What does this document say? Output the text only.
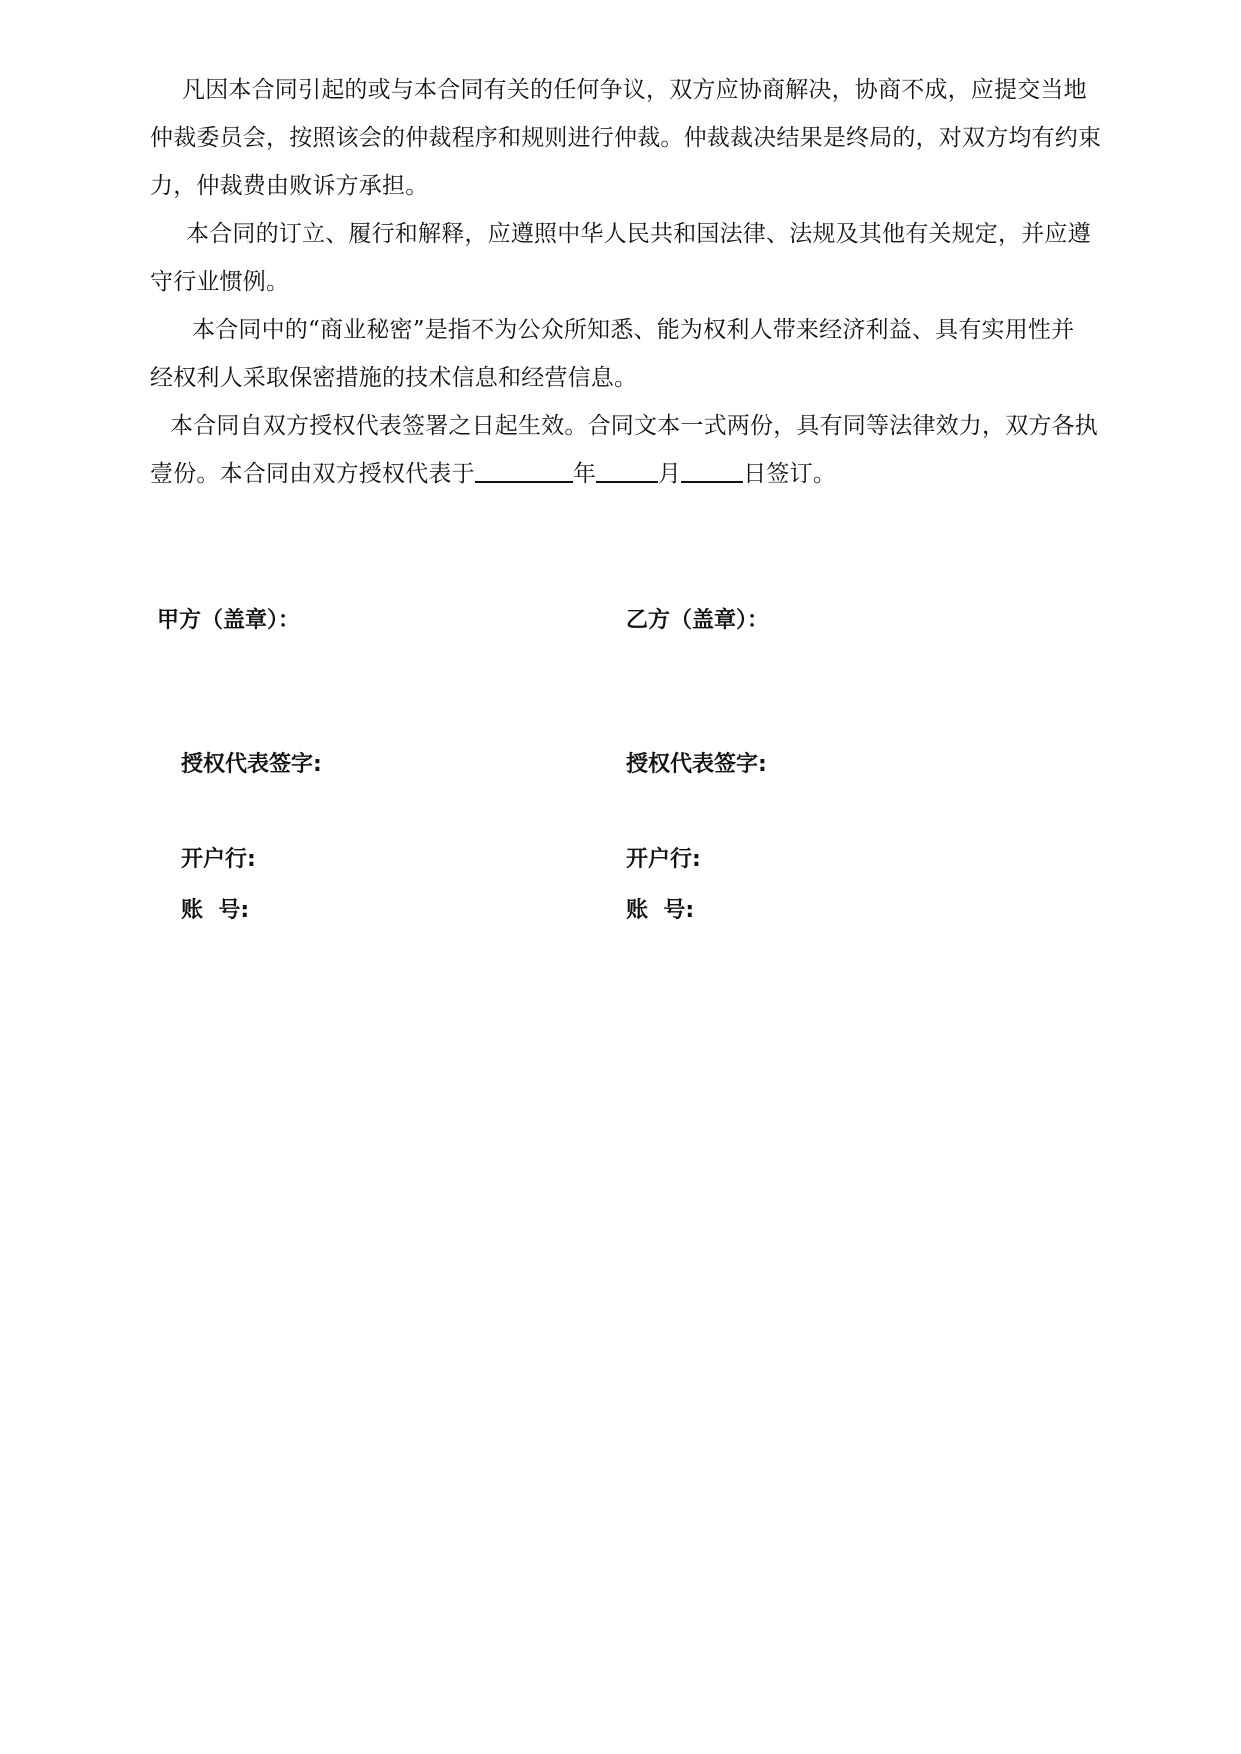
凡因本合同引起的或与本合同有关的任何争议，双方应协商解决，协商不成，应提交当地
仲裁委员会，按照该会的仲裁程序和规则进行仲裁。仲裁裁决结果是终局的，对双方均有约束
力，仲裁费由败诉方承担。
本合同的订立、履行和解释，应遵照中华人民共和国法律、法规及其他有关规定，并应遵
守行业惯例。
本合同中的“商业秘密”是指不为公众所知悉、能为权利人带来经济利益、具有实用性并
经权利人采取保密措施的技术信息和经营信息。
本合同自双方授权代表签署之日起生效。合同文本一式两份，具有同等法律效力，双方各执
壹份。本合同由双方授权代表于	年	月	日签订。
甲方（盖章）：
授权代表签字:
开户行:
账  号:
乙方（盖章）：
授权代表签字:
开户行:
账  号:
